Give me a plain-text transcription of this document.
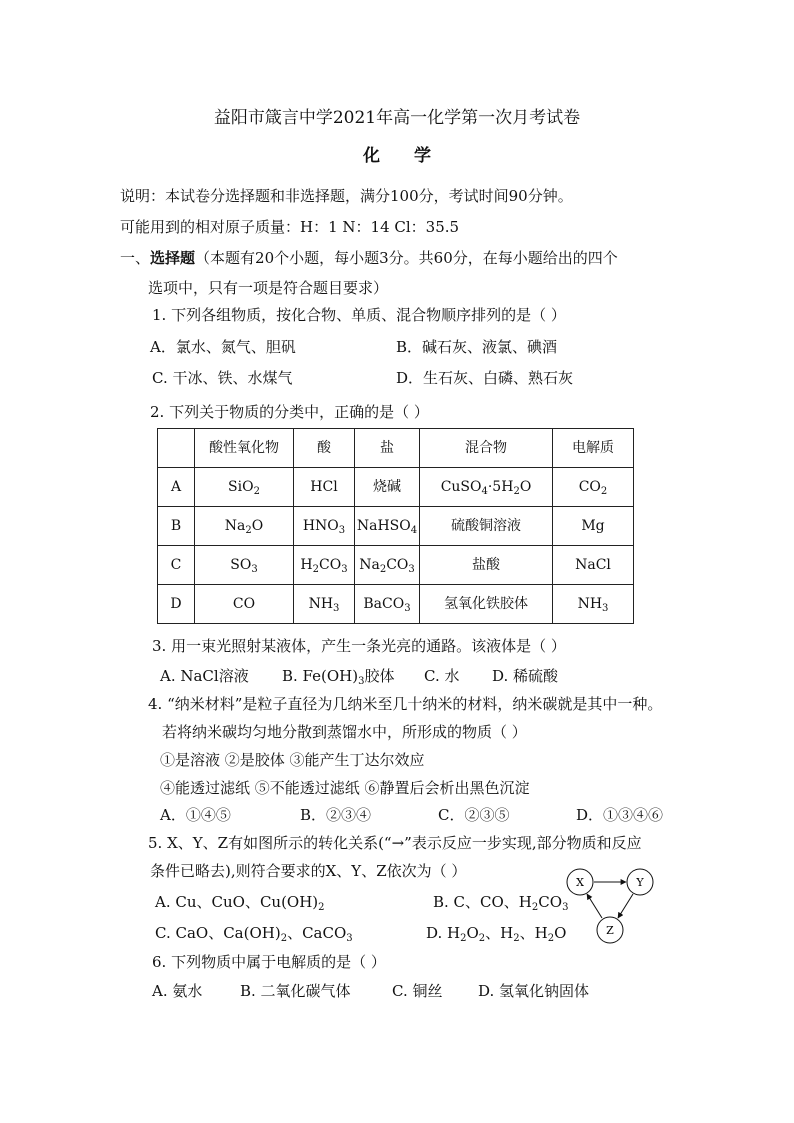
益阳市箴言中学2021年高一化学第一次月考试卷
化学
说明：本试卷分选择题和非选择题，满分100分，考试时间90分钟。
可能用到的相对原子质量：H：1 N：14 Cl：35.5
一、选择题（本题有20个小题，每小题3分。共60分，在每小题给出的四个
选项中，只有一项是符合题目要求）
1. 下列各组物质，按化合物、单质、混合物顺序排列的是（ ）
A．氯水、氮气、胆矾	B．碱石灰、液氯、碘酒
C. 干冰、铁、水煤气	D．生石灰、白磷、熟石灰
2. 下列关于物质的分类中，正确的是（ ）
	酸性氧化物	酸	盐	混合物	电解质
A	SiO$_2$	HCl	烧碱	$CuSO_4\cdot 5H_2O$	$CO_2$
B	$Na_2O$	$HNO_3$	NaHSO$_4$	硫酸铜溶液	Mg
C	$SO_3$	$H_2CO_3$	$Na_2CO_3$	盐酸	NaCl
D	CO	$NH_3$	BaCO$_3$	氢氧化铁胶体	$NH_3$
3. 用一束光照射某液体，产生一条光亮的通路。该液体是（ ）
A. NaCl溶液 B. $Fe(OH)_3$胶体 C. 水 D. 稀硫酸
4. “纳米材料”是粒子直径为几纳米至几十纳米的材料，纳米碳就是其中一种。
若将纳米碳均匀地分散到蒸馏水中，所形成的物质（ ）
①是溶液 ②是胶体 ③能产生丁达尔效应
④能透过滤纸 ⑤不能透过滤纸 ⑥静置后会析出黑色沉淀
A．①④⑤	B．②③④	C．②③⑤	D．①③④⑥
5. X、Y、Z有如图所示的转化关系(“→”表示反应一步实现,部分物质和反应
条件已略去),则符合要求的X、Y、Z依次为（ ）
A. Cu、CuO、$Cu(OH)_2$	B. C、CO、$H_2CO_3$
C. CaO、$Ca(OH)_2$、CaCO$_3$	D. $H_2O_2$、$H_2$、$H_2O$
X	Y
Z
6. 下列物质中属于电解质的是（ ）
A. 氨水	B. 二氧化碳气体	C. 铜丝 D. 氢氧化钠固体
